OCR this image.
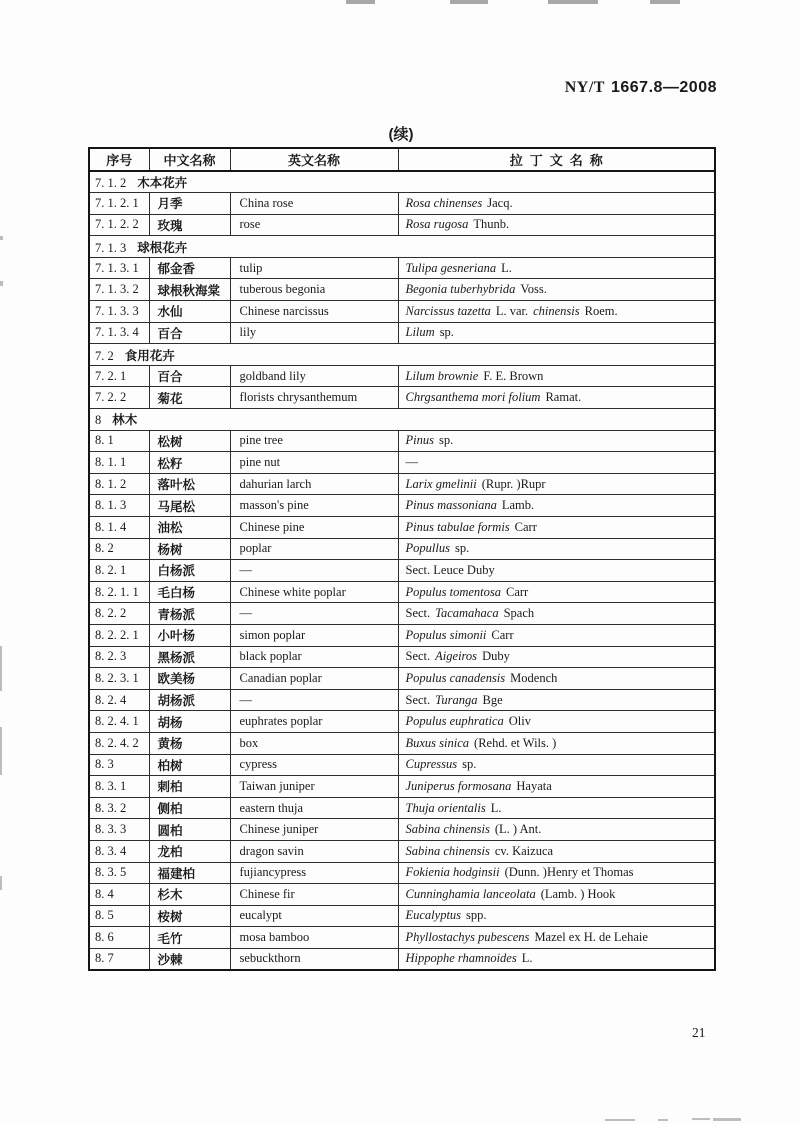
NY/T 1667.8—2008
(续)
序号	中文名称	英文名称	拉丁文名称
7. 1. 2 木本花卉			
7. 1. 2. 1	月季	China rose	Rosa chinenses Jacq.
7. 1. 2. 2	玫瑰	rose	Rosa rugosa Thunb.
7. 1. 3 球根花卉			
7. 1. 3. 1	郁金香	tulip	Tulipa gesneriana L.
7. 1. 3. 2	球根秋海棠	tuberous begonia	Begonia tuberhybrida Voss.
7. 1. 3. 3	水仙	Chinese narcissus	Narcissus tazetta L. var. chinensis Roem.
7. 1. 3. 4	百合	lily	Lilum sp.
7. 2 食用花卉			
7. 2. 1	百合	goldband lily	Lilum brownie F. E. Brown
7. 2. 2	菊花	florists chrysanthemum	Chrgsanthema mori folium Ramat.
8 林木			
8. 1	松树	pine tree	Pinus sp.
8. 1. 1	松籽	pine nut	—
8. 1. 2	落叶松	dahurian larch	Larix gmelinii (Rupr. )Rupr
8. 1. 3	马尾松	masson's pine	Pinus massoniana Lamb.
8. 1. 4	油松	Chinese pine	Pinus tabulae formis Carr
8. 2	杨树	poplar	Popullus sp.
8. 2. 1	白杨派	—	Sect. Leuce Duby
8. 2. 1. 1	毛白杨	Chinese white poplar	Populus tomentosa Carr
8. 2. 2	青杨派	—	Sect. Tacamahaca Spach
8. 2. 2. 1	小叶杨	simon poplar	Populus simonii Carr
8. 2. 3	黑杨派	black poplar	Sect. Aigeiros Duby
8. 2. 3. 1	欧美杨	Canadian poplar	Populus canadensis Modench
8. 2. 4	胡杨派	—	Sect. Turanga Bge
8. 2. 4. 1	胡杨	euphrates poplar	Populus euphratica Oliv
8. 2. 4. 2	黄杨	box	Buxus sinica (Rehd. et Wils. )
8. 3	柏树	cypress	Cupressus sp.
8. 3. 1	刺柏	Taiwan juniper	Juniperus formosana Hayata
8. 3. 2	侧柏	eastern thuja	Thuja orientalis L.
8. 3. 3	圆柏	Chinese juniper	Sabina chinensis (L. ) Ant.
8. 3. 4	龙柏	dragon savin	Sabina chinensis cv. Kaizuca
8. 3. 5	福建柏	fujiancypress	Fokienia hodginsii (Dunn. )Henry et Thomas
8. 4	杉木	Chinese fir	Cunninghamia lanceolata (Lamb. ) Hook
8. 5	桉树	eucalypt	Eucalyptus spp.
8. 6	毛竹	mosa bamboo	Phyllostachys pubescens Mazel ex H. de Lehaie
8. 7	沙棘	sebuckthorn	Hippophe rhamnoides L.
21
